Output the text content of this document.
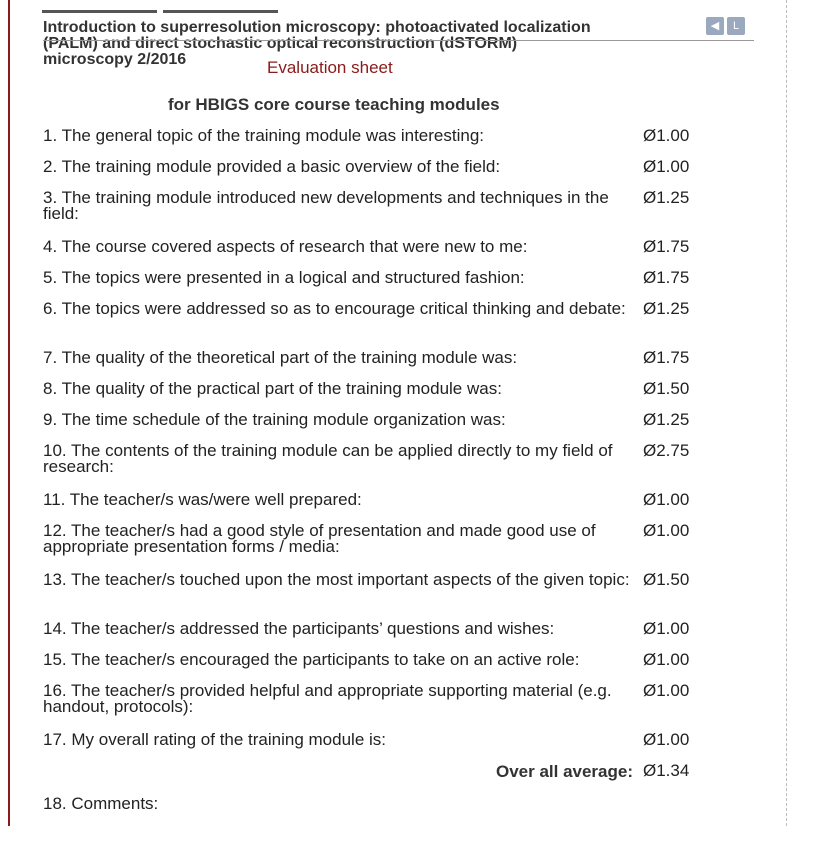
Introduction to superresolution microscopy: photoactivated localization (PALM) and direct stochastic optical reconstruction (dSTORM) microscopy 2/2016	Evaluation sheet
◀ L
for HBIGS core course teaching modules
1. The general topic of the training module was interesting:	Ø1.00
2. The training module provided a basic overview of the field:	Ø1.00
3. The training module introduced new developments and techniques in the field:
Ø1.25
4. The course covered aspects of research that were new to me:	Ø1.75
5. The topics were presented in a logical and structured fashion:	Ø1.75
6. The topics were addressed so as to encourage critical thinking and debate:	Ø1.25
7. The quality of the theoretical part of the training module was:	Ø1.75
8. The quality of the practical part of the training module was:	Ø1.50
9. The time schedule of the training module organization was:	Ø1.25
10. The contents of the training module can be applied directly to my field of research:
Ø2.75
11. The teacher/s was/were well prepared:	Ø1.00
12. The teacher/s had a good style of presentation and made good use of appropriate presentation forms / media:
Ø1.00
13. The teacher/s touched upon the most important aspects of the given topic: Ø1.50
14. The teacher/s addressed the participants’ questions and wishes:	Ø1.00
15. The teacher/s encouraged the participants to take on an active role:	Ø1.00
16. The teacher/s provided helpful and appropriate supporting material (e.g. handout, protocols):
Ø1.00
17. My overall rating of the training module is:	Ø1.00
Over all average: Ø1.34
18. Comments:
